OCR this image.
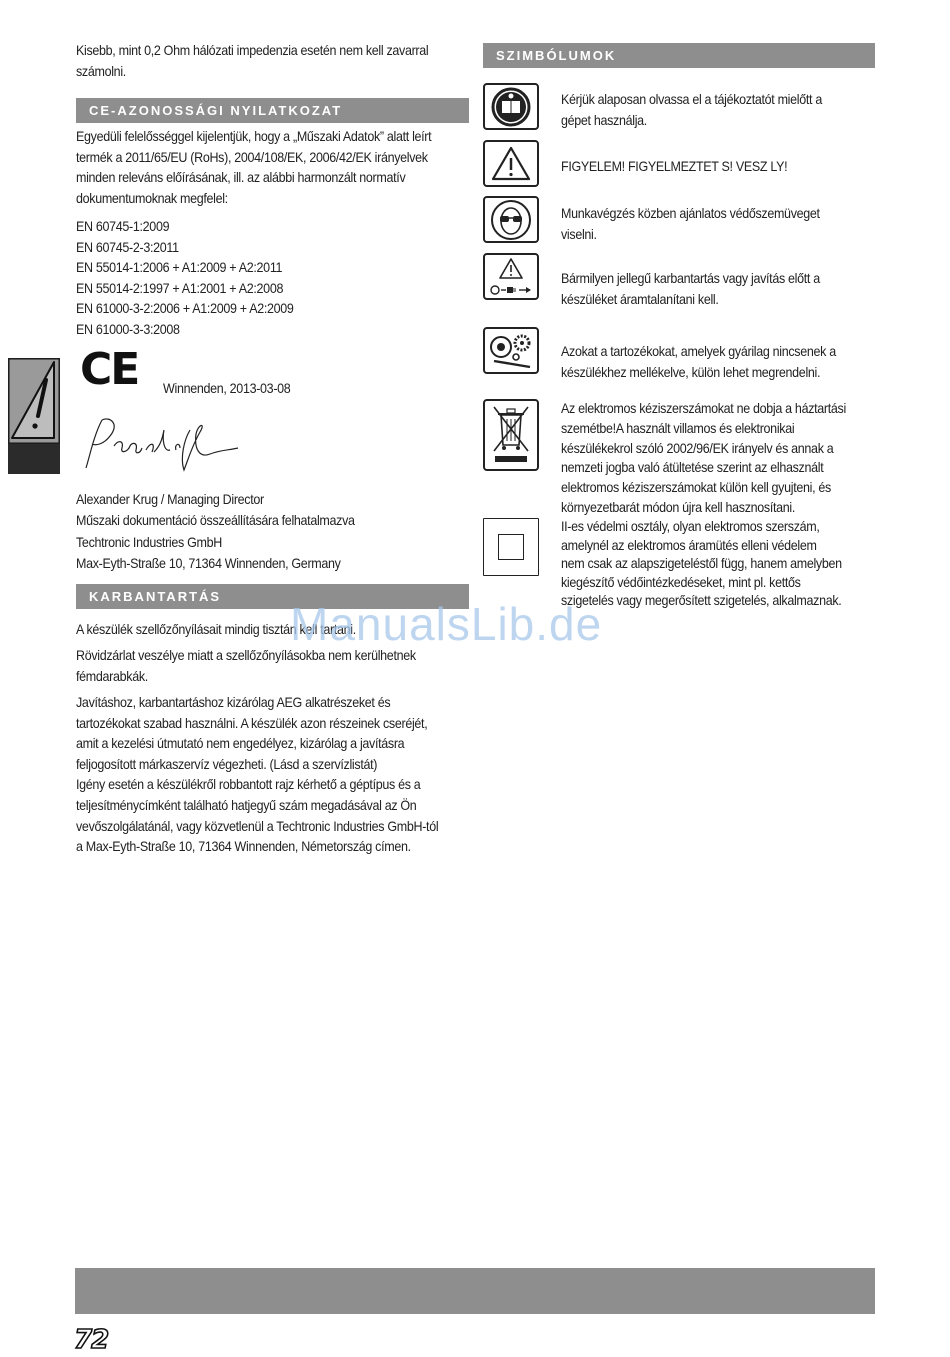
Kisebb, mint 0,2 Ohm hálózati impedenzia esetén nem kell zavarral

számolni.

CE-AZONOSSÁGI NYILATKOZAT

Egyedüli felelősséggel kijelentjük, hogy a „Műszaki Adatok” alatt leírt

termék a 2011/65/EU (RoHs), 2004/108/EK, 2006/42/EK irányelvek

minden releváns előírásának, ill. az alábbi harmonzált normatív

dokumentumoknak megfelel:

EN 60745-1:2009

EN 60745-2-3:2011

EN 55014-1:2006 + A1:2009 + A2:2011

EN 55014-2:1997 + A1:2001 + A2:2008

EN 61000-3-2:2006 + A1:2009 + A2:2009

EN 61000-3-3:2008

CE Winnenden, 2013-03-08

Alexander Krug / Managing Director

Műszaki dokumentáció összeállítására felhatalmazva

Techtronic Industries GmbH

Max-Eyth-Straße 10, 71364 Winnenden, Germany

KARBANTARTÁS

A készülék szellőzőnyílásait mindig tisztán kell tartani.

Rövidzárlat veszélye miatt a szellőzőnyílásokba nem kerülhetnek

fémdarabkák.

Javításhoz, karbantartáshoz kizárólag AEG alkatrészeket és

tartozékokat szabad használni. A készülék azon részeinek cseréjét,

amit a kezelési útmutató nem engedélyez, kizárólag a javításra

feljogosított márkaszervíz végezheti. (Lásd a szervízlistát)

Igény esetén a készülékről robbantott rajz kérhető a géptípus és a

teljesítménycímként található hatjegyű szám megadásával az Ön

vevőszolgálatánál, vagy közvetlenül a Techtronic Industries GmbH-tól

a Max-Eyth-Straße 10, 71364 Winnenden, Németország címen.

SZIMBÓLUMOK

Kérjük alaposan olvassa el a tájékoztatót mielőtt a

gépet használja.

FIGYELEM! FIGYELMEZTET S! VESZ LY!

Munkavégzés közben ajánlatos védőszemüveget

viselni.

Bármilyen jellegű karbantartás vagy javítás előtt a

készüléket áramtalanítani kell.

Azokat a tartozékokat, amelyek gyárilag nincsenek a

készülékhez mellékelve, külön lehet megrendelni.

Az elektromos kéziszerszámokat ne dobja a háztartási

szemétbe!A használt villamos és elektronikai

készülékekrol szóló 2002/96/EK irányelv és annak a

nemzeti jogba való átültetése szerint az elhasznált

elektromos kéziszerszámokat külön kell gyujteni, és

környezetbarát módon újra kell hasznosítani.

II-es védelmi osztály, olyan elektromos szerszám,

amelynél az elektromos áramütés elleni védelem

nem csak az alapszigeteléstől függ, hanem amelyben

kiegészítő védőintézkedéseket, mint pl. kettős

szigetelés vagy megerősített szigetelés, alkalmaznak.

ManualsLib.de
72
